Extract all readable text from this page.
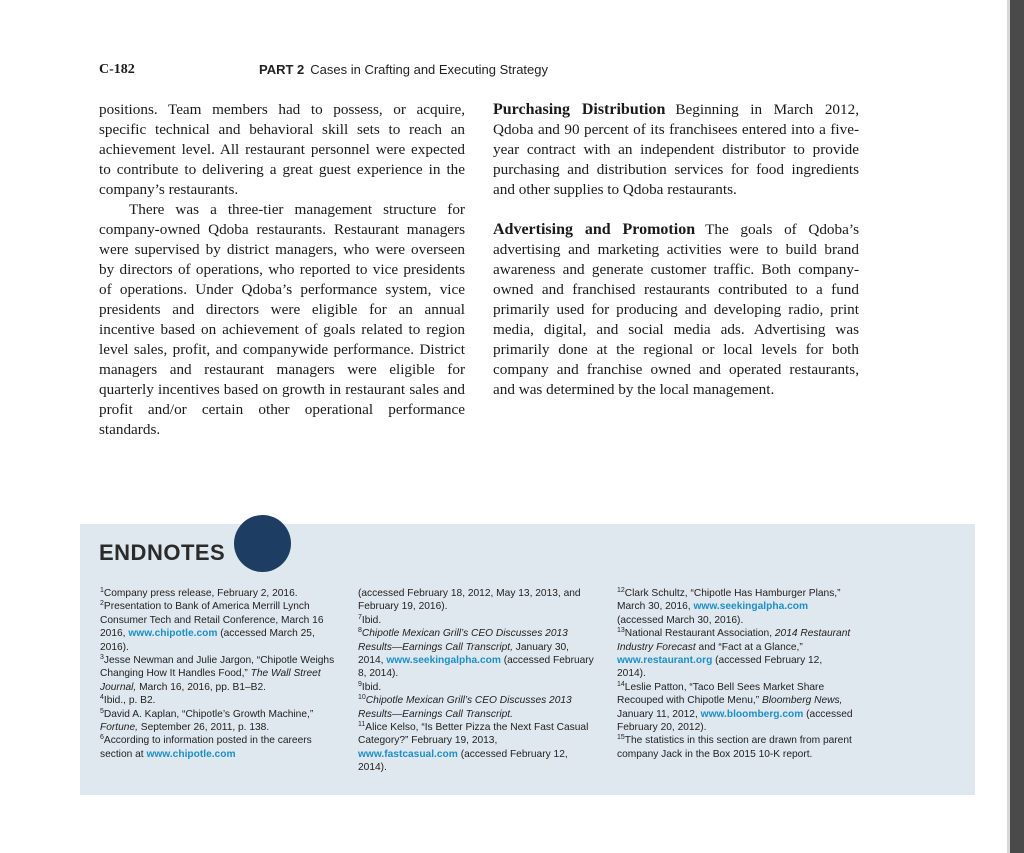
C-182	PART 2 Cases in Crafting and Executing Strategy

positions. Team members had to possess, or acquire, specific technical and behavioral skill sets to reach an achievement level. All restaurant personnel were expected to contribute to delivering a great guest experience in the company’s restaurants.

There was a three-tier management structure for company-owned Qdoba restaurants. Restaurant managers were supervised by district managers, who were overseen by directors of operations, who reported to vice presidents of operations. Under Qdoba’s performance system, vice presidents and directors were eligible for an annual incentive based on achievement of goals related to region level sales, profit, and companywide performance. District managers and restaurant managers were eligible for quarterly incentives based on growth in restaurant sales and profit and/or certain other operational performance standards.

Purchasing Distribution Beginning in March 2012, Qdoba and 90 percent of its franchisees entered into a five-year contract with an independent distributor to provide purchasing and distribution services for food ingredients and other supplies to Qdoba restaurants.

Advertising and Promotion The goals of Qdoba’s advertising and marketing activities were to build brand awareness and generate customer traffic. Both company-owned and franchised restaurants contributed to a fund primarily used for producing and developing radio, print media, digital, and social media ads. Advertising was primarily done at the regional or local levels for both company and franchise owned and operated restaurants, and was determined by the local management.

ENDNOTES

$^1$Company press release, February 2, 2016.

$^2$Presentation to Bank of America Merrill Lynch Consumer Tech and Retail Conference, March 16 2016, www.chipotle.com (accessed March 25, 2016).

$^3$Jesse Newman and Julie Jargon, “Chipotle Weighs Changing How It Handles Food,” The Wall Street Journal, March 16, 2016, pp. B1–B2.

$^4$Ibid., p. B2.

$^5$David A. Kaplan, “Chipotle’s Growth Machine,” Fortune, September 26, 2011, p. 138.

$^6$According to information posted in the careers section at www.chipotle.com

(accessed February 18, 2012, May 13, 2013, and February 19, 2016).

$^7$Ibid.

$^8$Chipotle Mexican Grill’s CEO Discusses 2013 Results—Earnings Call Transcript, January 30, 2014, www.seekingalpha.com (accessed February 8, 2014).

$^9$Ibid.

$^{10}$Chipotle Mexican Grill’s CEO Discusses 2013 Results—Earnings Call Transcript.

$^{11}$Alice Kelso, “Is Better Pizza the Next Fast Casual Category?” February 19, 2013, www.fastcasual.com (accessed February 12, 2014).

$^{12}$Clark Schultz, “Chipotle Has Hamburger Plans,” March 30, 2016, www.seekingalpha.com (accessed March 30, 2016).

$^{13}$National Restaurant Association, 2014 Restaurant Industry Forecast and “Fact at a Glance,” www.restaurant.org (accessed February 12, 2014).

$^{14}$Leslie Patton, “Taco Bell Sees Market Share Recouped with Chipotle Menu,” Bloomberg News, January 11, 2012, www.bloomberg.com (accessed February 20, 2012).

$^{15}$The statistics in this section are drawn from parent company Jack in the Box 2015 10-K report.
